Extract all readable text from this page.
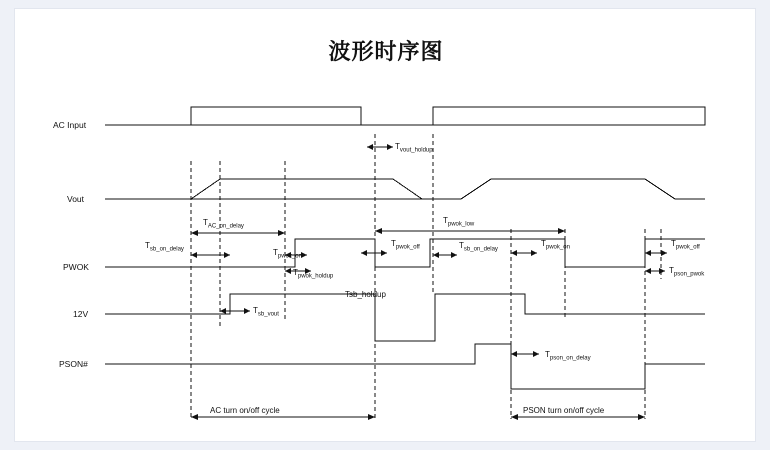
波形时序图
AC Input
Vout
PWOK
12V
PSON#
$T_{vout\_holdup}$
$T_{AC\_on\_delay}$
$T_{pwok\_low}$
$T_{sb\_on\_delay}$	$T_{pwok\_on}$
$T_{pwok\_off}$	$T_{sb\_on\_delay}$
$T_{pwok\_on}$	$T_{pwok\_off}$
$T_{pwok\_holdup}$
$T_{pson\_pwok}$
$T_{sb\_vout}$
$T_{pson\_on\_delay}$
Tsb_holdup
AC turn on/off cycle	PSON turn on/off cycle
